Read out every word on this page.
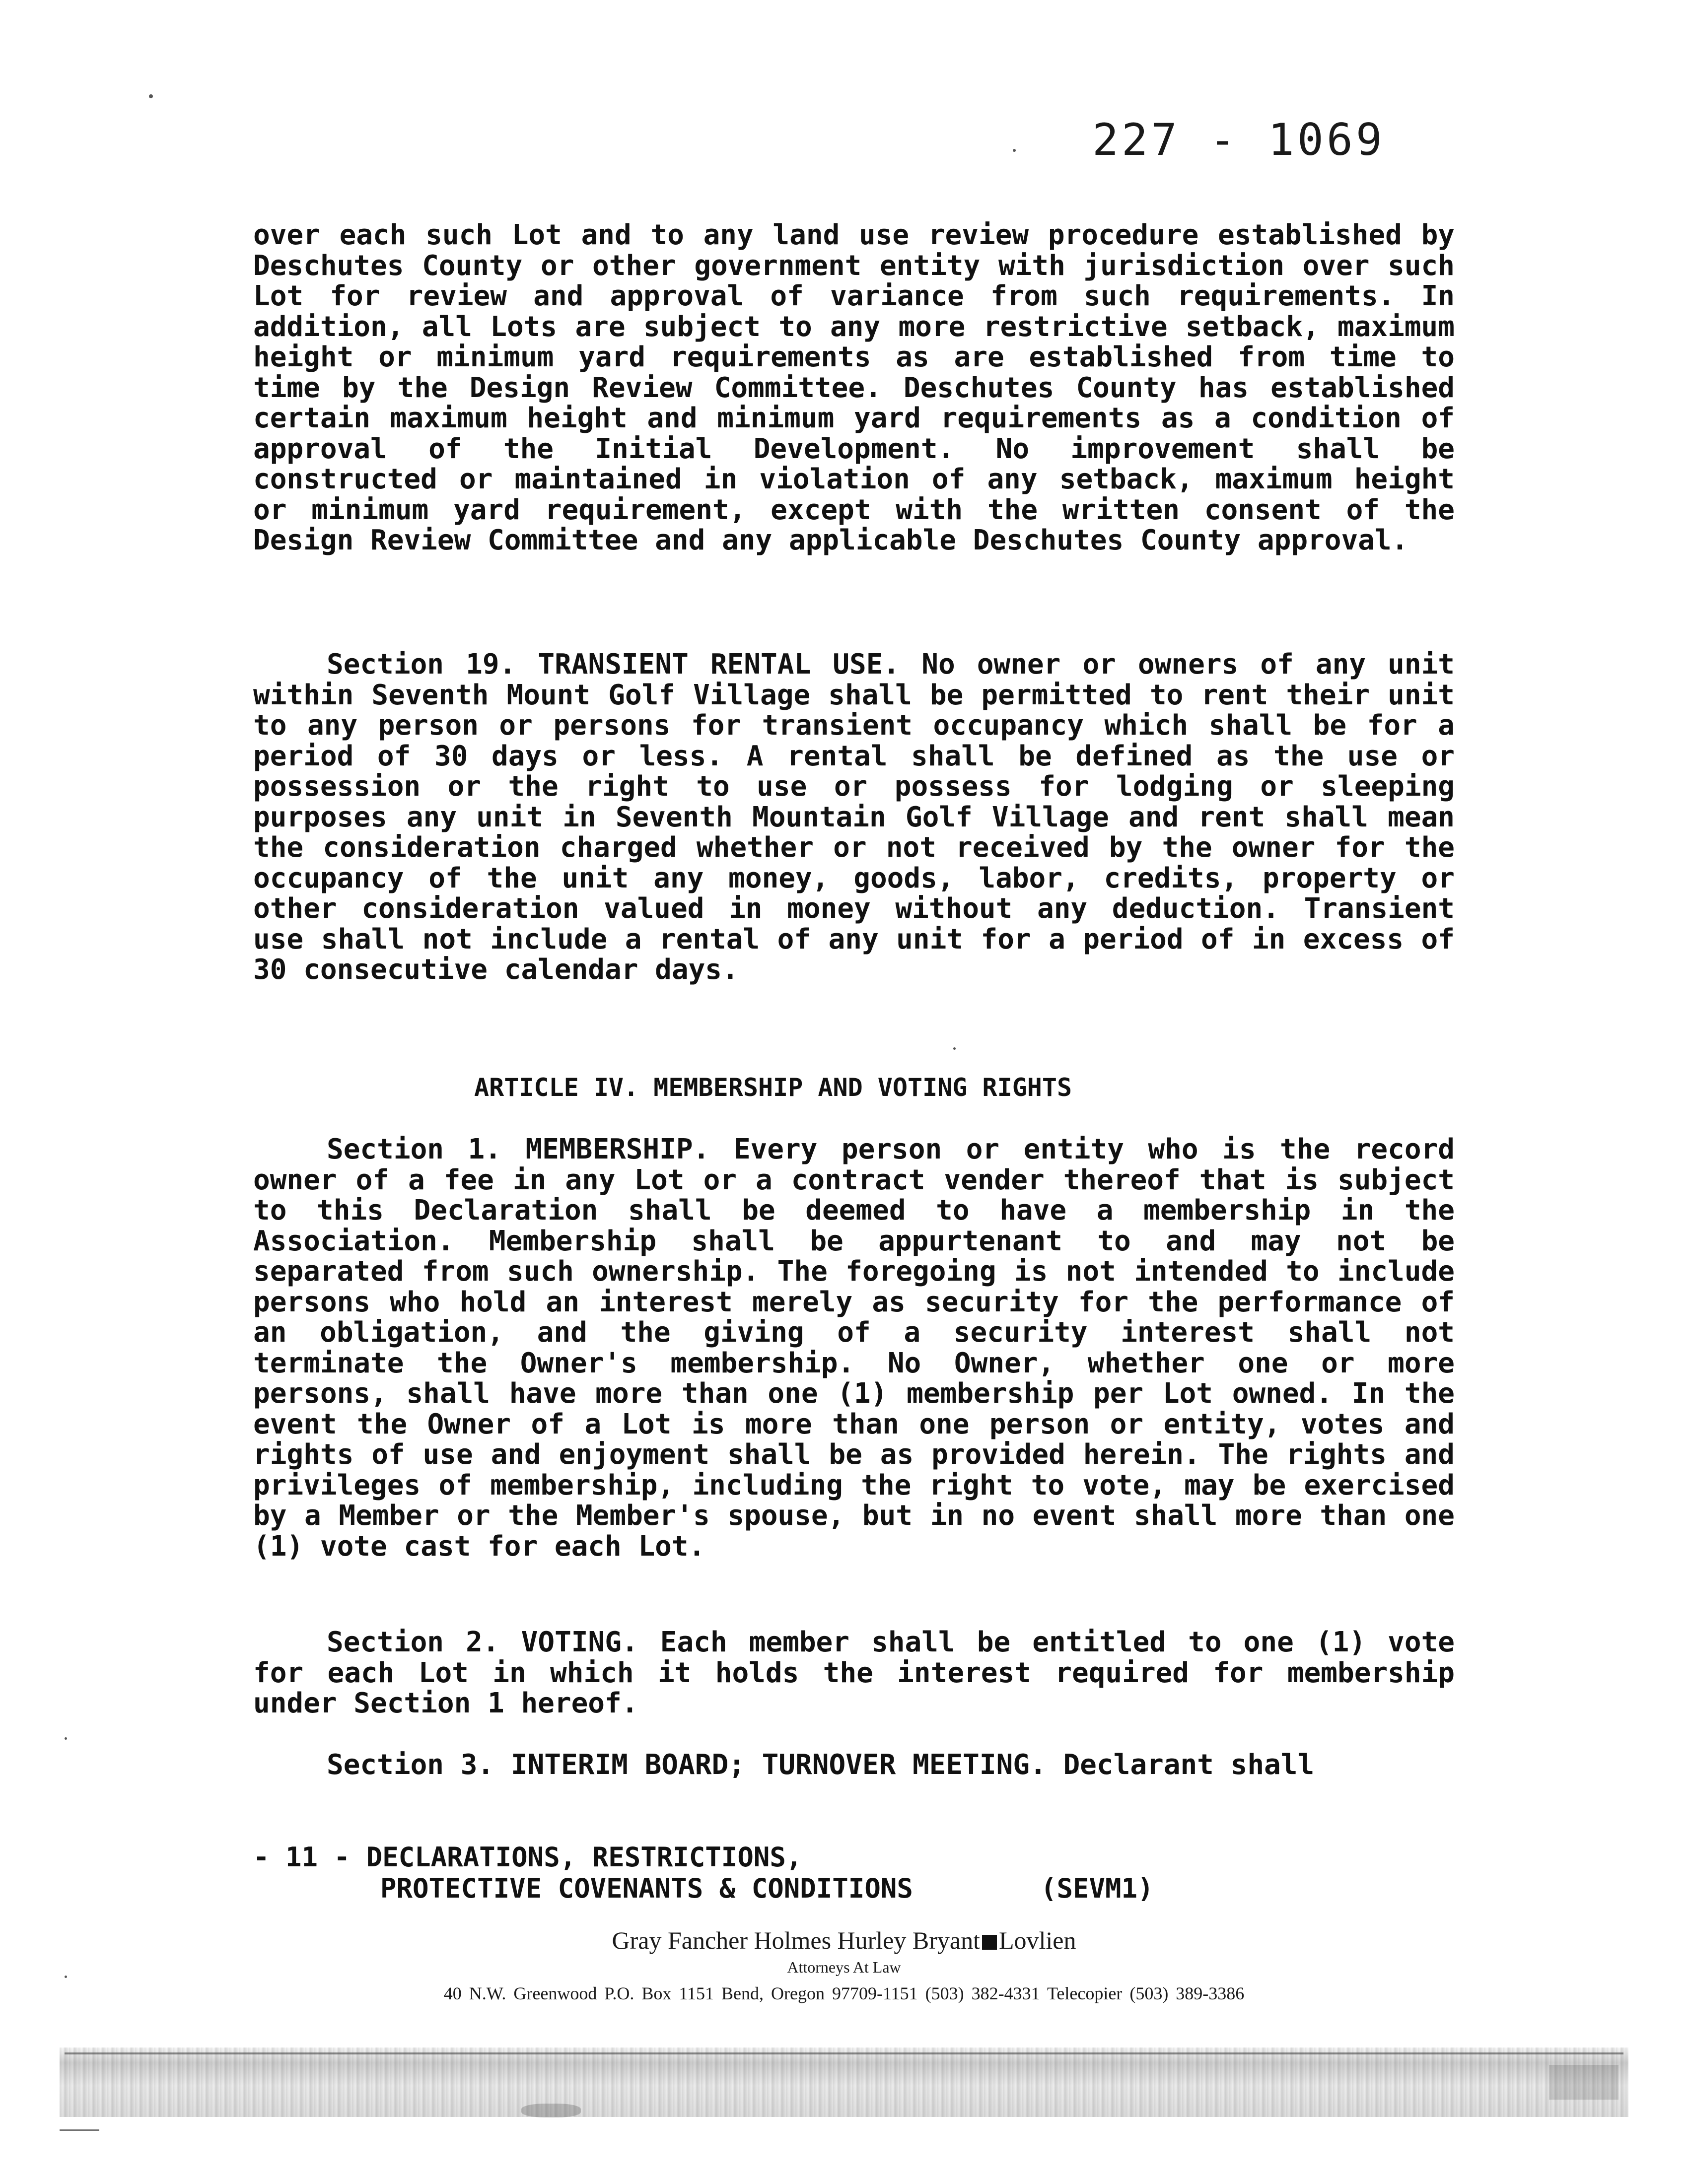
227 - 1069

over each such Lot and to any land use review procedure established by Deschutes County or other government entity with jurisdiction over such Lot for review and approval of variance from such requirements. In addition, all Lots are subject to any more restrictive setback, maximum height or minimum yard requirements as are established from time to time by the Design Review Committee. Deschutes County has established certain maximum height and minimum yard requirements as a condition of approval of the Initial Development. No improvement shall be constructed or maintained in violation of any setback, maximum height or minimum yard requirement, except with the written consent of the Design Review Committee and any applicable Deschutes County approval.

Section 19. TRANSIENT RENTAL USE. No owner or owners of any unit within Seventh Mount Golf Village shall be permitted to rent their unit to any person or persons for transient occupancy which shall be for a period of 30 days or less. A rental shall be defined as the use or possession or the right to use or possess for lodging or sleeping purposes any unit in Seventh Mountain Golf Village and rent shall mean the consideration charged whether or not received by the owner for the occupancy of the unit any money, goods, labor, credits, property or other consideration valued in money without any deduction. Transient use shall not include a rental of any unit for a period of in excess of 30 consecutive calendar days.

ARTICLE IV. MEMBERSHIP AND VOTING RIGHTS

Section 1. MEMBERSHIP. Every person or entity who is the record owner of a fee in any Lot or a contract vender thereof that is subject to this Declaration shall be deemed to have a membership in the Association. Membership shall be appurtenant to and may not be separated from such ownership. The foregoing is not intended to include persons who hold an interest merely as security for the performance of an obligation, and the giving of a security interest shall not terminate the Owner's membership. No Owner, whether one or more persons, shall have more than one (1) membership per Lot owned. In the event the Owner of a Lot is more than one person or entity, votes and rights of use and enjoyment shall be as provided herein. The rights and privileges of membership, including the right to vote, may be exercised by a Member or the Member's spouse, but in no event shall more than one (1) vote cast for each Lot.

Section 2. VOTING. Each member shall be entitled to one (1) vote for each Lot in which it holds the interest required for membership under Section 1 hereof.

Section 3. INTERIM BOARD; TURNOVER MEETING. Declarant shall

- 11 - DECLARATIONS, RESTRICTIONS,
PROTECTIVE COVENANTS & CONDITIONS	(SEVM1)
Gray Fancher Holmes Hurley Bryant Lovlien
Attorneys At Law
40 N.W. Greenwood P.O. Box 1151 Bend, Oregon 97709-1151 (503) 382-4331 Telecopier (503) 389-3386
